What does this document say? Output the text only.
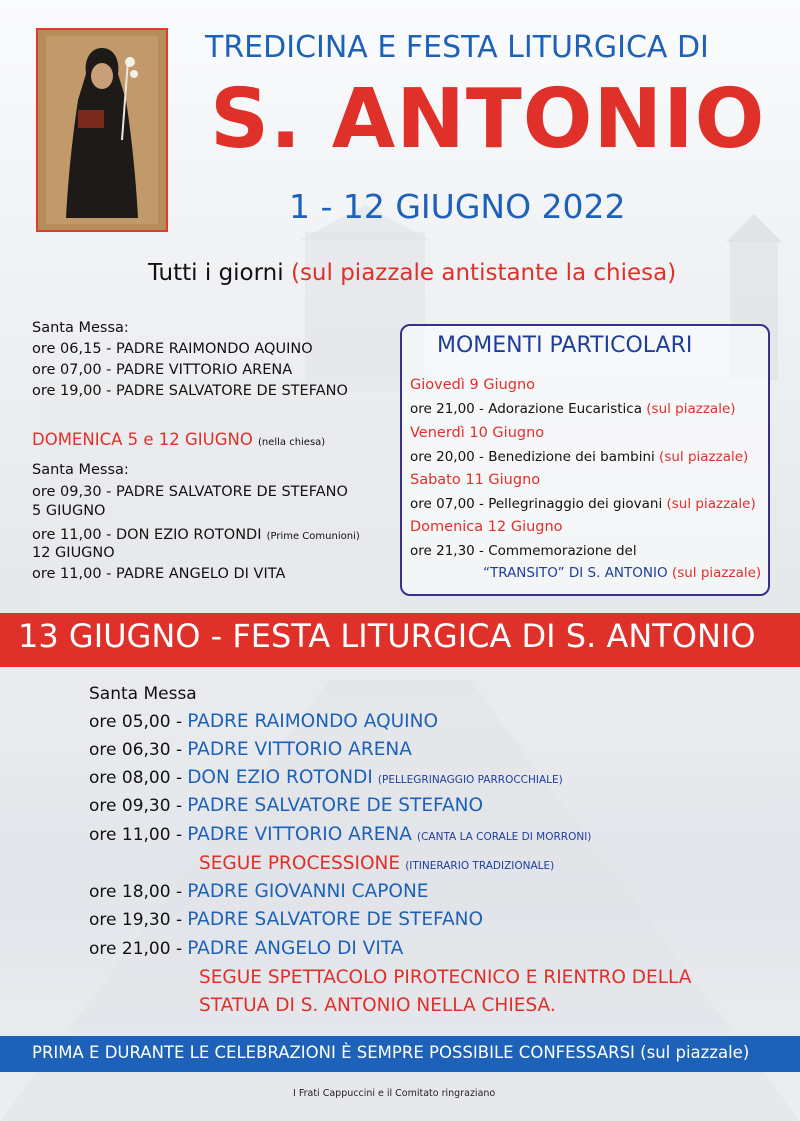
TREDICINA E FESTA LITURGICA DI
S. ANTONIO
1 - 12 GIUGNO 2022
Tutti i giorni (sul piazzale antistante la chiesa)
Santa Messa:
ore 06,15 - PADRE RAIMONDO AQUINO
ore 07,00 - PADRE VITTORIO ARENA
ore 19,00 - PADRE SALVATORE DE STEFANO
DOMENICA 5 e 12 GIUGNO (nella chiesa)
Santa Messa:
ore 09,30 - PADRE SALVATORE DE STEFANO
5 GIUGNO
ore 11,00 - DON EZIO ROTONDI (Prime Comunioni)
12 GIUGNO
ore 11,00 - PADRE ANGELO DI VITA
MOMENTI PARTICOLARI
Giovedì 9 Giugno
ore 21,00 - Adorazione Eucaristica (sul piazzale)
Venerdì 10 Giugno
ore 20,00 - Benedizione dei bambini (sul piazzale)
Sabato 11 Giugno
ore 07,00 - Pellegrinaggio dei giovani (sul piazzale)
Domenica 12 Giugno
ore 21,30 - Commemorazione del
“TRANSITO” DI S. ANTONIO (sul piazzale)
13 GIUGNO - FESTA LITURGICA DI S. ANTONIO
Santa Messa
ore 05,00 - PADRE RAIMONDO AQUINO
ore 06,30 - PADRE VITTORIO ARENA
ore 08,00 - DON EZIO ROTONDI (PELLEGRINAGGIO PARROCCHIALE)
ore 09,30 - PADRE SALVATORE DE STEFANO
ore 11,00 - PADRE VITTORIO ARENA (CANTA LA CORALE DI MORRONI)
SEGUE PROCESSIONE (ITINERARIO TRADIZIONALE)
ore 18,00 - PADRE GIOVANNI CAPONE
ore 19,30 - PADRE SALVATORE DE STEFANO
ore 21,00 - PADRE ANGELO DI VITA
SEGUE SPETTACOLO PIROTECNICO E RIENTRO DELLA
STATUA DI S. ANTONIO NELLA CHIESA.
PRIMA E DURANTE LE CELEBRAZIONI È SEMPRE POSSIBILE CONFESSARSI (sul piazzale)
I Frati Cappuccini e il Comitato ringraziano
